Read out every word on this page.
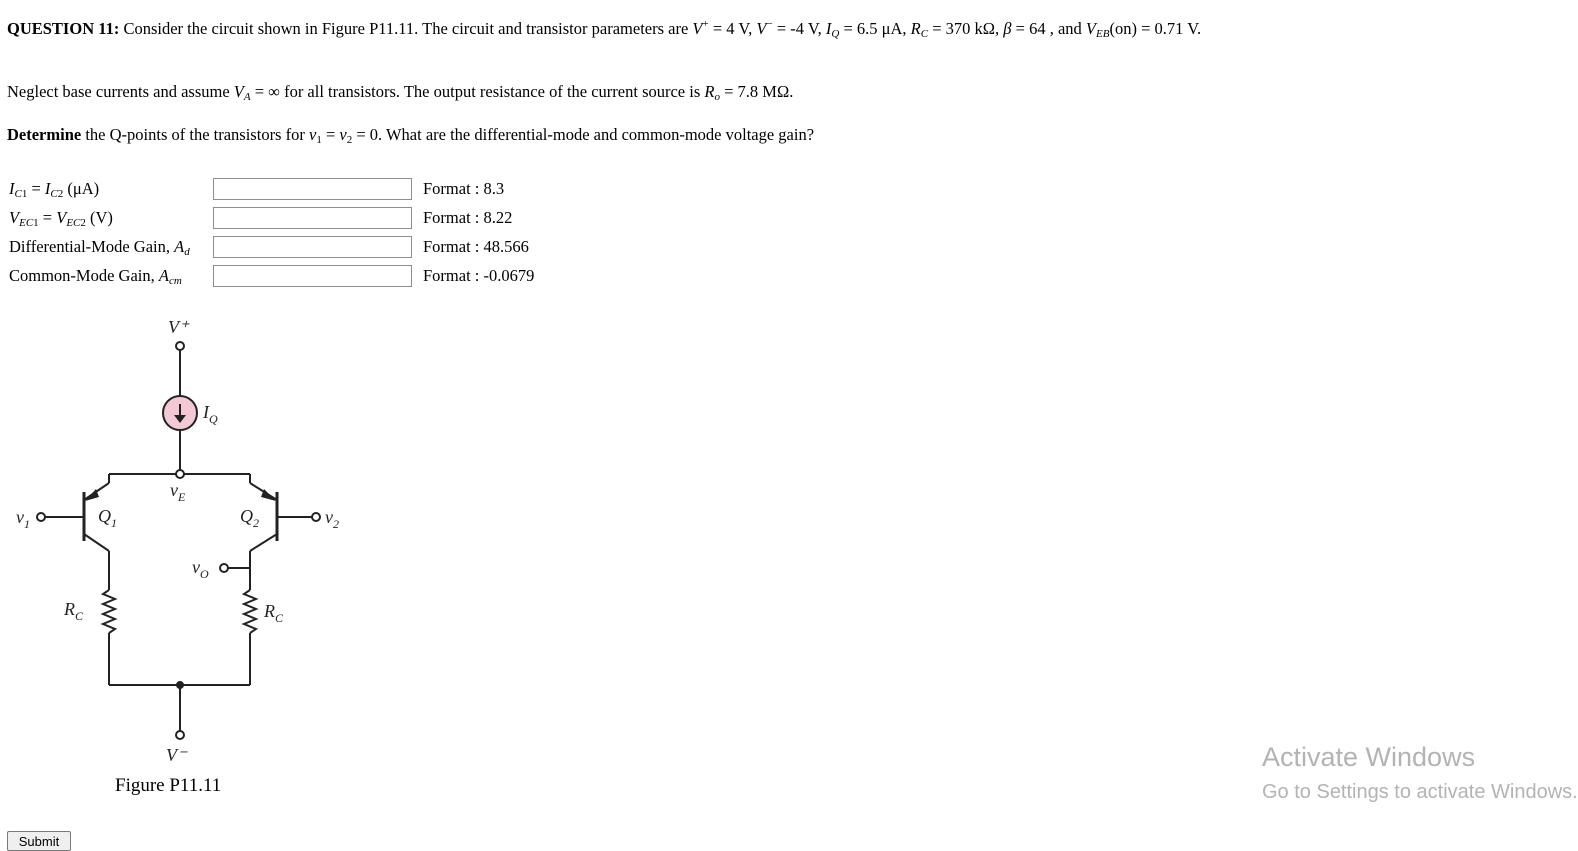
QUESTION 11: Consider the circuit shown in Figure P11.11. The circuit and transistor parameters are V+ = 4 V, V− = -4 V, $I_Q = 6.5$ μA, $R_C = 370$ kΩ, β = 64 , and $V_{EB}(on) = 0.71$ V.

Neglect base currents and assume $V_A$ = ∞ for all transistors. The output resistance of the current source is $R_o = 7.8$ MΩ.

Determine the Q-points of the transistors for $v_1 = v_2 = 0$. What are the differential-mode and common-mode voltage gain?

$I_{C1} = I_{C2}$ (μA)		Format : 8.3
$V_{EC1} = V_{EC2}$ (V)		Format : 8.22
Differential-Mode Gain, $A_d$		Format : 48.566
Common-Mode Gain, $A_{cm}$		Format : -0.0679
V⁺
$I_Q$
$v_E$
$Q_1$	$Q_2$
$v_1$	$v_2$
$v_O$
$R_C$	$R_C$
V⁻
Figure P11.11
Submit
Activate Windows
Go to Settings to activate Windows.
